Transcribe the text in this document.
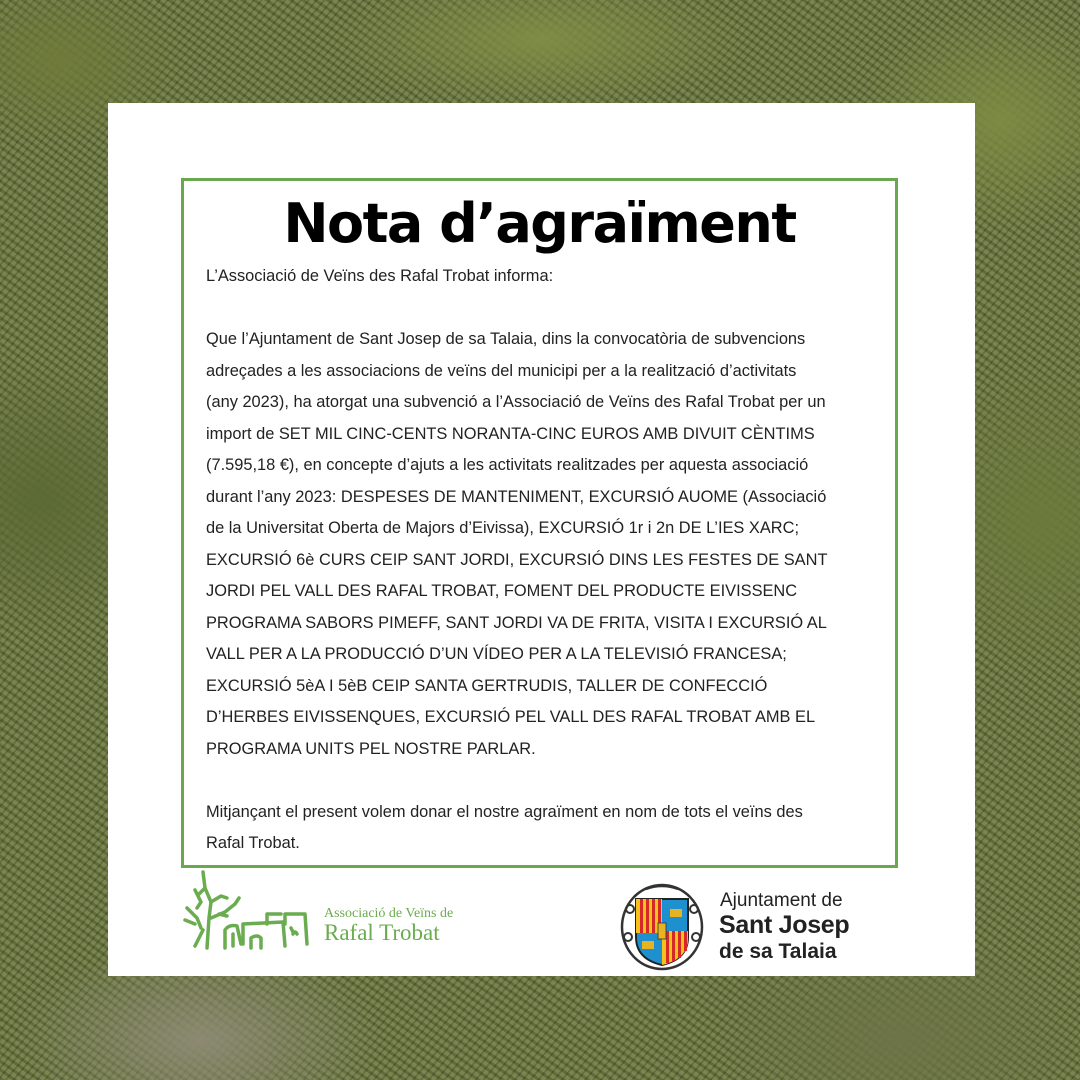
Nota d’agraïment

L’Associació de Veïns des Rafal Trobat informa:

Que l’Ajuntament de Sant Josep de sa Talaia, dins la convocatòria de subvencions

adreçades a les associacions de veïns del municipi per a la realització d’activitats

(any 2023), ha atorgat una subvenció a l’Associació de Veïns des Rafal Trobat per un

import de SET MIL CINC-CENTS NORANTA-CINC EUROS AMB DIVUIT CÈNTIMS

(7.595,18 €), en concepte d’ajuts a les activitats realitzades per aquesta associació

durant l’any 2023: DESPESES DE MANTENIMENT, EXCURSIÓ AUOME (Associació

de la Universitat Oberta de Majors d’Eivissa), EXCURSIÓ 1r i 2n DE L’IES XARC;

EXCURSIÓ 6è CURS CEIP SANT JORDI, EXCURSIÓ DINS LES FESTES DE SANT

JORDI PEL VALL DES RAFAL TROBAT, FOMENT DEL PRODUCTE EIVISSENC

PROGRAMA SABORS PIMEFF, SANT JORDI VA DE FRITA, VISITA I EXCURSIÓ AL

VALL PER A LA PRODUCCIÓ D’UN VÍDEO PER A LA TELEVISIÓ FRANCESA;

EXCURSIÓ 5èA I 5èB CEIP SANTA GERTRUDIS, TALLER DE CONFECCIÓ

D’HERBES EIVISSENQUES, EXCURSIÓ PEL VALL DES RAFAL TROBAT AMB EL

PROGRAMA UNITS PEL NOSTRE PARLAR.

Mitjançant el present volem donar el nostre agraïment en nom de tots el veïns des

Rafal Trobat.

Associació de Veïns de
Rafal Trobat
Ajuntament de
Sant Josep
de sa Talaia
